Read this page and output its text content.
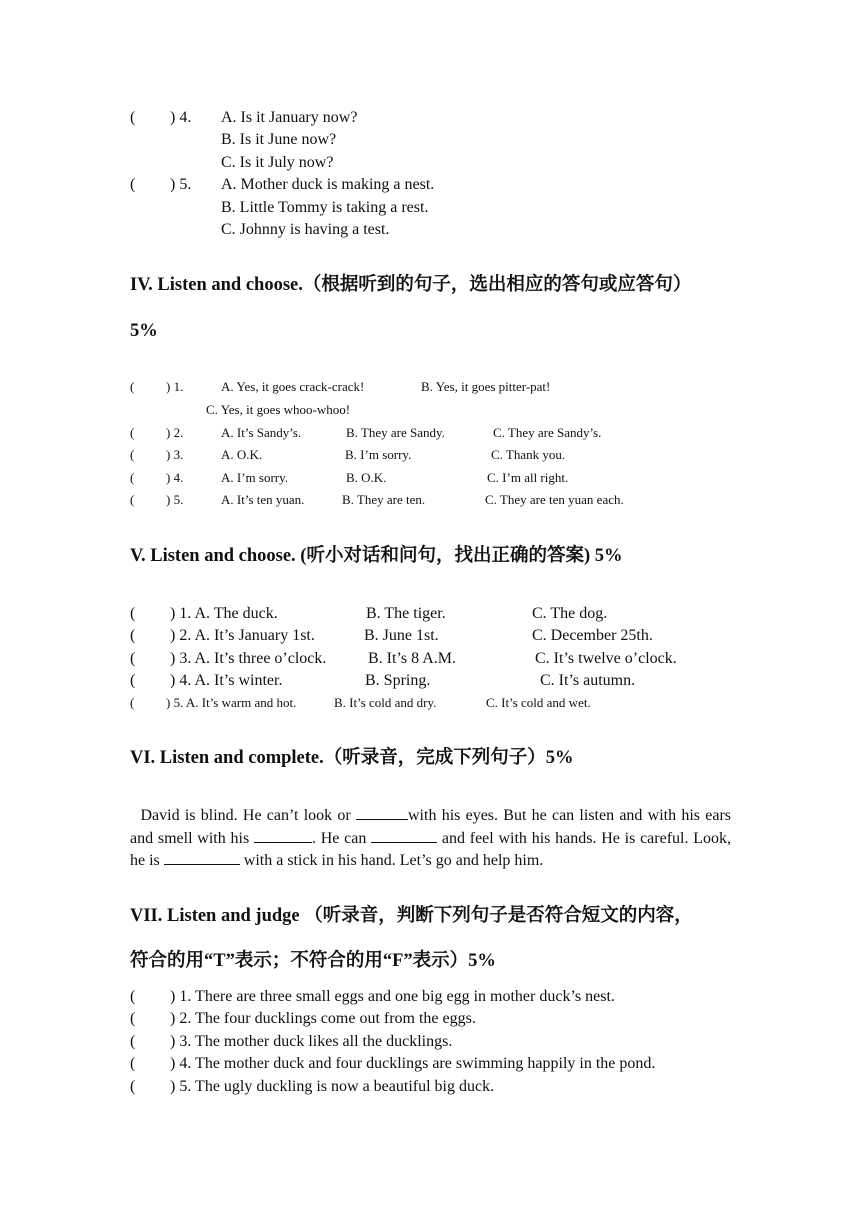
( ) 4. A. Is it January now?
B. Is it June now?
C. Is it July now?
( ) 5. A. Mother duck is making a nest.
B. Little Tommy is taking a rest.
C. Johnny is having a test.
IV. Listen and choose.（根据听到的句子，选出相应的答句或应答句）
5%
( ) 1.	A. Yes, it goes crack-crack!	B. Yes, it goes pitter-pat!
C. Yes, it goes whoo-whoo!
( ) 2.	A. It’s Sandy’s.	B. They are Sandy.	C. They are Sandy’s.
( ) 3.	A. O.K.	B. I’m sorry.	C. Thank you.
( ) 4.	A. I’m sorry.	B. O.K.	C. I’m all right.
( ) 5.	A. It’s ten yuan.	B. They are ten.	C. They are ten yuan each.
V. Listen and choose. (听小对话和问句，找出正确的答案) 5%
( ) 1. A. The duck.	B. The tiger.	C. The dog.
( ) 2. A. It’s January 1st.	B. June 1st.	C. December 25th.
( ) 3. A. It’s three o’clock.	B. It’s 8 A.M.	C. It’s twelve o’clock.
( ) 4. A. It’s winter.	B. Spring.	C. It’s autumn.
( ) 5. A. It’s warm and hot.	B. It’s cold and dry.	C. It’s cold and wet.
VI. Listen and complete.（听录音，完成下列句子）5%
David is blind. He can’t look or	with his eyes. But he can listen and with his ears and smell with his	. He can	and feel with his hands. He is careful. Look, he is	with a stick in his hand. Let’s go and help him.
VII. Listen and judge （听录音，判断下列句子是否符合短文的内容，
符合的用“T”表示；不符合的用“F”表示）5%
( ) 1. There are three small eggs and one big egg in mother duck’s nest.
( ) 2. The four ducklings come out from the eggs.
( ) 3. The mother duck likes all the ducklings.
( ) 4. The mother duck and four ducklings are swimming happily in the pond.
( ) 5. The ugly duckling is now a beautiful big duck.
